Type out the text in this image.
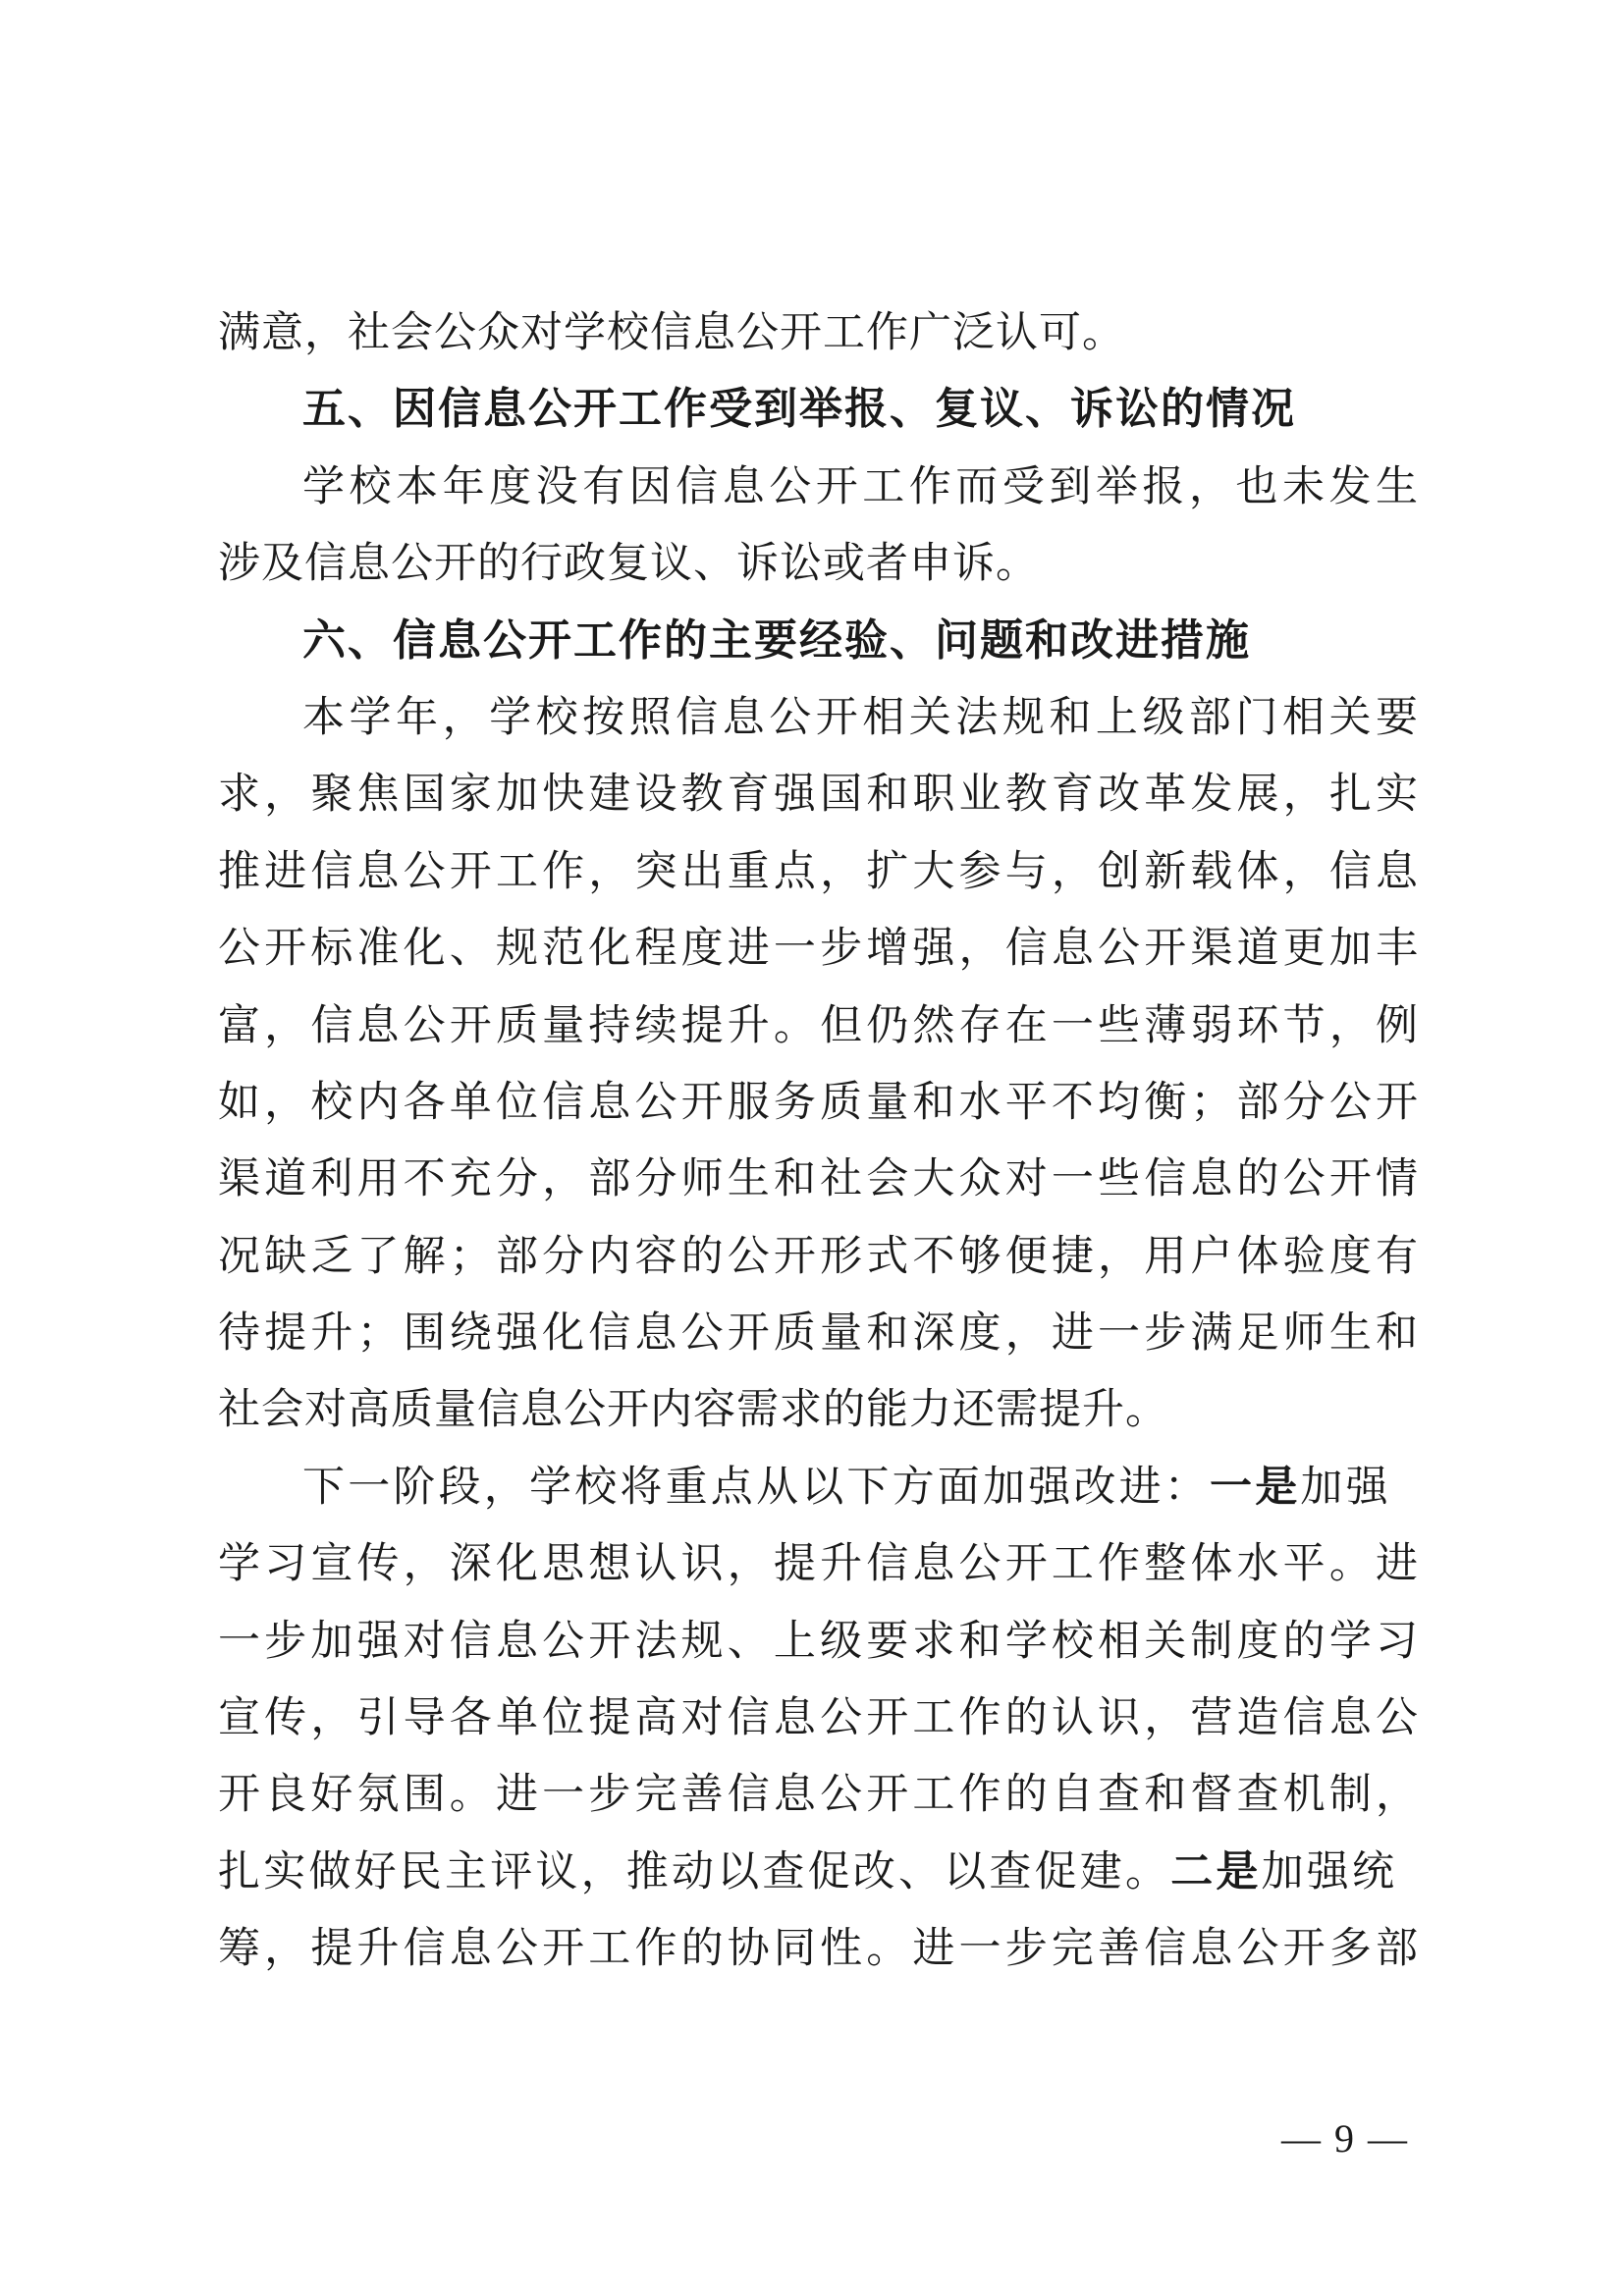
满意，社会公众对学校信息公开工作广泛认可。
五、因信息公开工作受到举报、复议、诉讼的情况
学校本年度没有因信息公开工作而受到举报，也未发生
涉及信息公开的行政复议、诉讼或者申诉。
六、信息公开工作的主要经验、问题和改进措施
本学年，学校按照信息公开相关法规和上级部门相关要
求，聚焦国家加快建设教育强国和职业教育改革发展，扎实
推进信息公开工作，突出重点，扩大参与，创新载体，信息
公开标准化、规范化程度进一步增强，信息公开渠道更加丰
富，信息公开质量持续提升。但仍然存在一些薄弱环节，例
如，校内各单位信息公开服务质量和水平不均衡；部分公开
渠道利用不充分，部分师生和社会大众对一些信息的公开情
况缺乏了解；部分内容的公开形式不够便捷，用户体验度有
待提升；围绕强化信息公开质量和深度，进一步满足师生和
社会对高质量信息公开内容需求的能力还需提升。
下一阶段，学校将重点从以下方面加强改进：一是加强
学习宣传，深化思想认识，提升信息公开工作整体水平。进
一步加强对信息公开法规、上级要求和学校相关制度的学习
宣传，引导各单位提高对信息公开工作的认识，营造信息公
开良好氛围。进一步完善信息公开工作的自查和督查机制，
扎实做好民主评议，推动以查促改、以查促建。二是加强统
筹，提升信息公开工作的协同性。进一步完善信息公开多部
— 9 —
